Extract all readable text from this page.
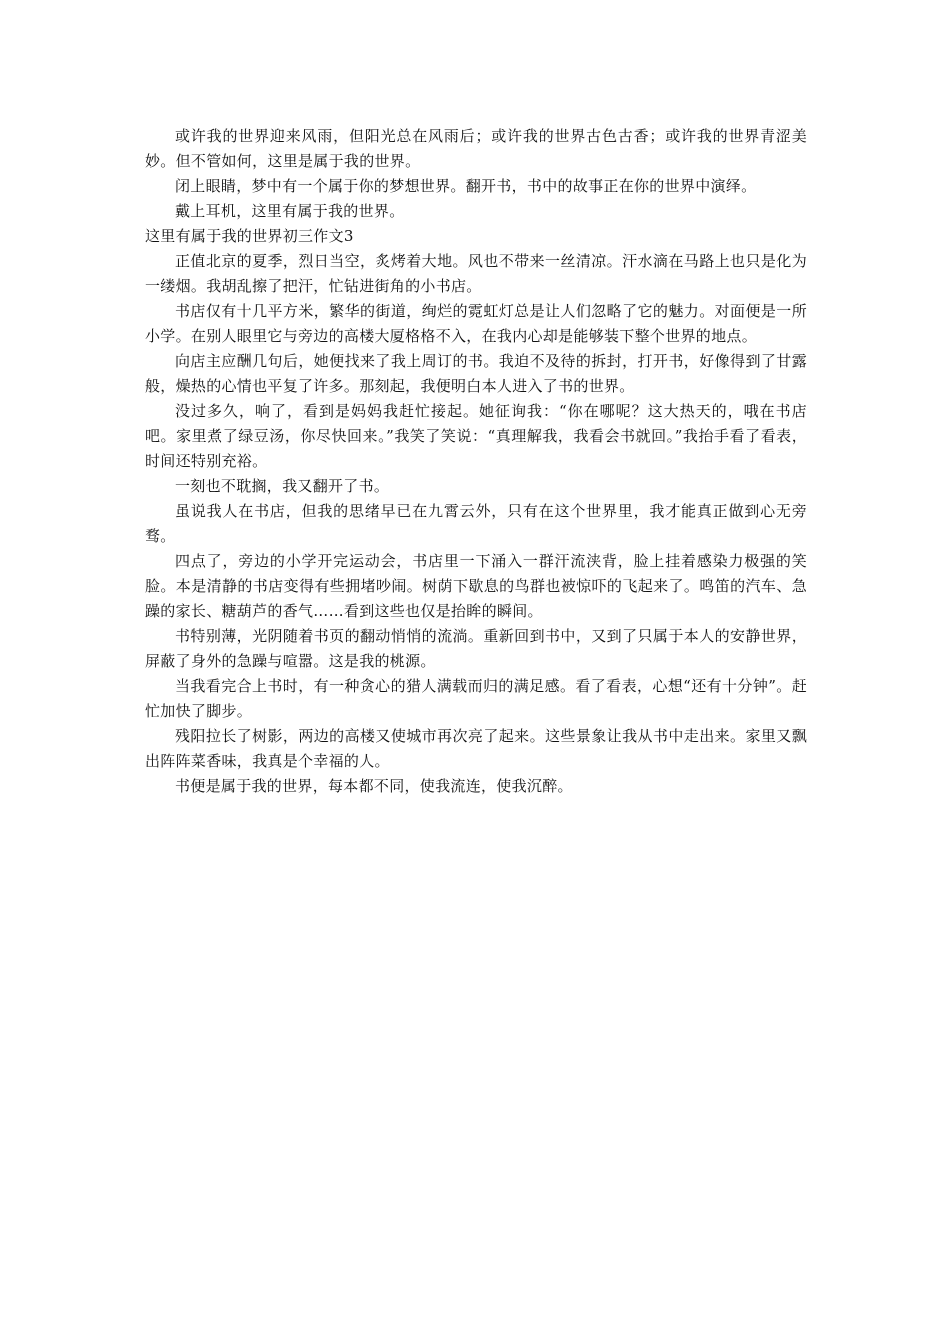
或许我的世界迎来风雨，但阳光总在风雨后；或许我的世界古色古香；或许我的世界青涩美妙。但不管如何，这里是属于我的世界。

闭上眼睛，梦中有一个属于你的梦想世界。翻开书，书中的故事正在你的世界中演绎。

戴上耳机，这里有属于我的世界。

这里有属于我的世界初三作文3

正值北京的夏季，烈日当空，炙烤着大地。风也不带来一丝清凉。汗水滴在马路上也只是化为一缕烟。我胡乱擦了把汗，忙钻进街角的小书店。

书店仅有十几平方米，繁华的街道，绚烂的霓虹灯总是让人们忽略了它的魅力。对面便是一所小学。在别人眼里它与旁边的高楼大厦格格不入，在我内心却是能够装下整个世界的地点。

向店主应酬几句后，她便找来了我上周订的书。我迫不及待的拆封，打开书，好像得到了甘露般，燥热的心情也平复了许多。那刻起，我便明白本人进入了书的世界。

没过多久，响了，看到是妈妈我赶忙接起。她征询我：“你在哪呢？这大热天的，哦在书店吧。家里煮了绿豆汤，你尽快回来。”我笑了笑说：“真理解我，我看会书就回。”我抬手看了看表，时间还特别充裕。

一刻也不耽搁，我又翻开了书。

虽说我人在书店，但我的思绪早已在九霄云外，只有在这个世界里，我才能真正做到心无旁骛。

四点了，旁边的小学开完运动会，书店里一下涌入一群汗流浃背，脸上挂着感染力极强的笑脸。本是清静的书店变得有些拥堵吵闹。树荫下歇息的鸟群也被惊吓的飞起来了。鸣笛的汽车、急躁的家长、糖葫芦的香气……看到这些也仅是抬眸的瞬间。

书特别薄，光阴随着书页的翻动悄悄的流淌。重新回到书中，又到了只属于本人的安静世界，屏蔽了身外的急躁与喧嚣。这是我的桃源。

当我看完合上书时，有一种贪心的猎人满载而归的满足感。看了看表，心想“还有十分钟”。赶忙加快了脚步。

残阳拉长了树影，两边的高楼又使城市再次亮了起来。这些景象让我从书中走出来。家里又飘出阵阵菜香味，我真是个幸福的人。

书便是属于我的世界，每本都不同，使我流连，使我沉醉。
